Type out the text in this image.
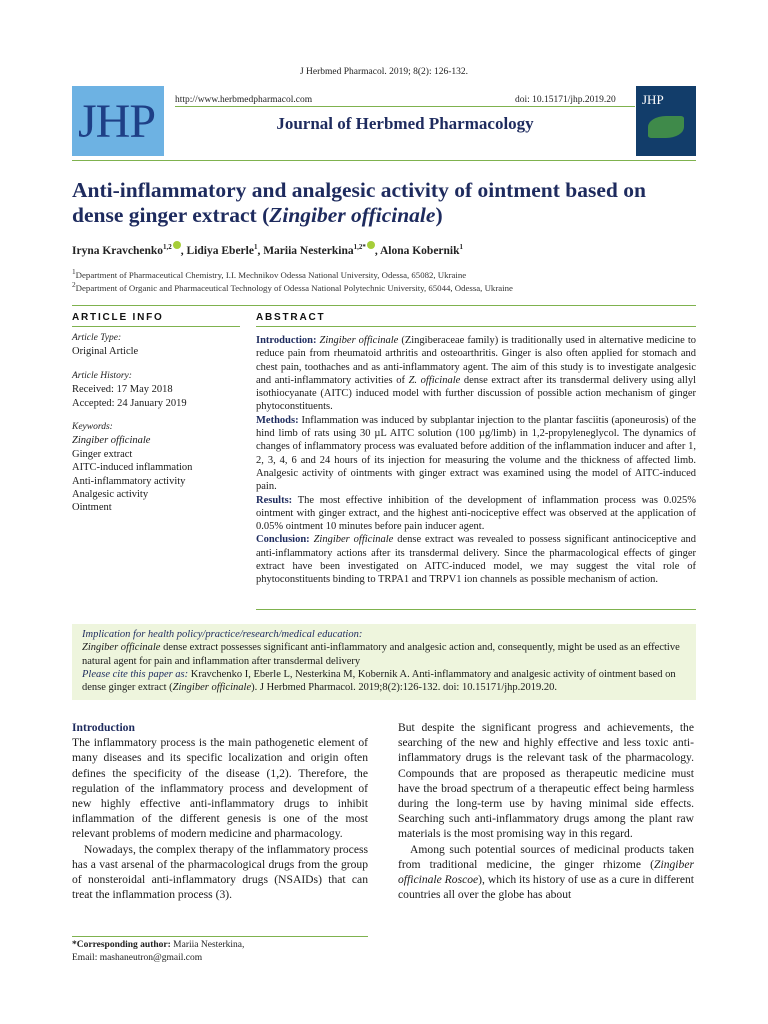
J Herbmed Pharmacol. 2019; 8(2): 126-132.
JHP http://www.herbmedpharmacol.com	doi: 10.15171/jhp.2019.20
Journal of Herbmed Pharmacology
JHP
Anti-inflammatory and analgesic activity of ointment based on dense ginger extract (Zingiber officinale)
Iryna Kravchenko$^{1,2}$ , Lidiya Eberle$^1$, Mariia Nesterkina$^{1,2*}$ , Alona Kobernik$^1$
$^1$Department of Pharmaceutical Chemistry, I.I. Mechnikov Odessa National University, Odessa, 65082, Ukraine
$^2$Department of Organic and Pharmaceutical Technology of Odessa National Polytechnic University, 65044, Odessa, Ukraine
ARTICLE INFO
Article Type:
Original Article
Article History:
Received: 17 May 2018
Accepted: 24 January 2019
Keywords:
Zingiber officinale
Ginger extract
AITC-induced inflammation
Anti-inflammatory activity
Analgesic activity
Ointment
ABSTRACT
Introduction: Zingiber officinale (Zingiberaceae family) is traditionally used in alternative medicine to reduce pain from rheumatoid arthritis and osteoarthritis. Ginger is also often applied for stomach and chest pain, toothaches and as anti-inflammatory agent. The aim of this study is to investigate analgesic and anti-inflammatory activities of Z. officinale dense extract after its transdermal delivery using allyl isothiocyanate (AITC) induced model with further discussion of possible action mechanism of ginger phytoconstituents.
Methods: Inflammation was induced by subplantar injection to the plantar fasciitis (aponeurosis) of the hind limb of rats using 30 µL AITC solution (100 µg/limb) in 1,2-propyleneglycol. The dynamics of changes of inflammatory process was evaluated before addition of the inflammation inducer and after 1, 2, 3, 4, 6 and 24 hours of its injection for measuring the volume and the thickness of affected limb. Analgesic activity of ointments with ginger extract was examined using the model of AITC-induced pain.
Results: The most effective inhibition of the development of inflammation process was 0.025% ointment with ginger extract, and the highest anti-nociceptive effect was observed at the application of 0.05% ointment 10 minutes before pain inducer agent.
Conclusion: Zingiber officinale dense extract was revealed to possess significant antinociceptive and anti-inflammatory actions after its transdermal delivery. Since the pharmacological effects of ginger extract have been investigated on AITC-induced model, we may suggest the vital role of phytoconstituents binding to TRPA1 and TRPV1 ion channels as possible mechanism of action.
Implication for health policy/practice/research/medical education:
Zingiber officinale dense extract possesses significant anti-inflammatory and analgesic action and, consequently, might be used as an effective natural agent for pain and inflammation after transdermal delivery
Please cite this paper as: Kravchenko I, Eberle L, Nesterkina M, Kobernik A. Anti-inflammatory and analgesic activity of ointment based on dense ginger extract (Zingiber officinale). J Herbmed Pharmacol. 2019;8(2):126-132. doi: 10.15171/jhp.2019.20.
Introduction
The inflammatory process is the main pathogenetic element of many diseases and its specific localization and origin often defines the specificity of the disease (1,2). Therefore, the regulation of the inflammatory process and development of new highly effective anti-inflammatory drugs to inhibit inflammation of the different genesis is one of the most relevant problems of modern medicine and pharmacology.
Nowadays, the complex therapy of the inflammatory process has a vast arsenal of the pharmacological drugs from the group of nonsteroidal anti-inflammatory drugs (NSAIDs) that can treat the inflammation process (3).
But despite the significant progress and achievements, the searching of the new and highly effective and less toxic anti-inflammatory drugs is the relevant task of the pharmacology. Compounds that are proposed as therapeutic medicine must have the broad spectrum of a therapeutic effect being harmless during the long-term use by having minimal side effects. Searching such anti-inflammatory drugs among the plant raw materials is the most promising way in this regard.
Among such potential sources of medicinal products taken from traditional medicine, the ginger rhizome (Zingiber officinale Roscoe), which its history of use as a cure in different countries all over the globe has about
*Corresponding author: Mariia Nesterkina,
Email: mashaneutron@gmail.com
